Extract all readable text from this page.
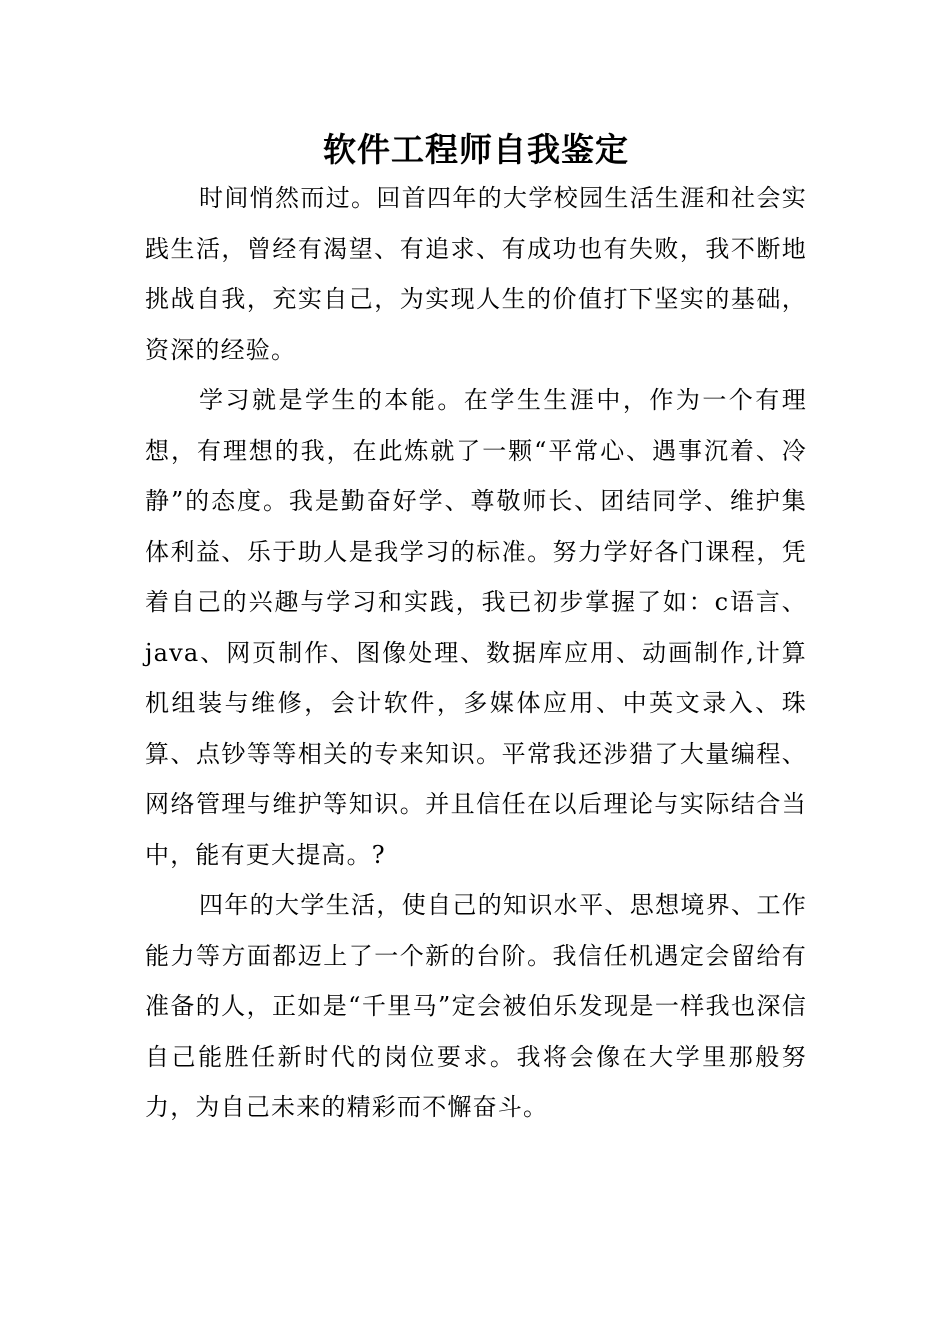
软件工程师自我鉴定

时间悄然而过。回首四年的大学校园生活生涯和社会实践生活，曾经有渴望、有追求、有成功也有失败，我不断地挑战自我，充实自己，为实现人生的价值打下坚实的基础，资深的经验。

学习就是学生的本能。在学生生涯中，作为一个有理想，有理想的我，在此炼就了一颗“平常心、遇事沉着、冷静”的态度。我是勤奋好学、尊敬师长、团结同学、维护集体利益、乐于助人是我学习的标准。努力学好各门课程，凭着自己的兴趣与学习和实践，我已初步掌握了如：c语言、java、网页制作、图像处理、数据库应用、动画制作,计算机组装与维修，会计软件，多媒体应用、中英文录入、珠算、点钞等等相关的专来知识。平常我还涉猎了大量编程、网络管理与维护等知识。并且信任在以后理论与实际结合当中，能有更大提高。?

四年的大学生活，使自己的知识水平、思想境界、工作能力等方面都迈上了一个新的台阶。我信任机遇定会留给有准备的人，正如是“千里马”定会被伯乐发现是一样我也深信自己能胜任新时代的岗位要求。我将会像在大学里那般努力，为自己未来的精彩而不懈奋斗。
